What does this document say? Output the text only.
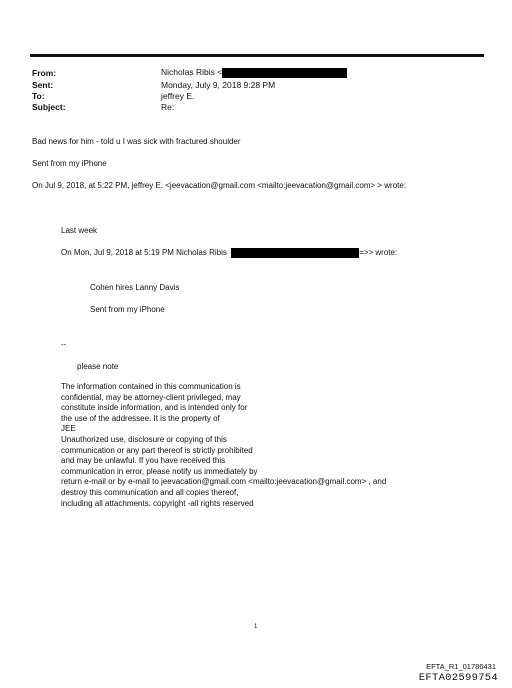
From:	Nicholas Ribis <
Sent:	Monday, July 9, 2018 9:28 PM
To:	jeffrey E.
Subject:	Re:
Bad news for him - told u I was sick with fractured shoulder
Sent from my iPhone
On Jul 9, 2018, at 5:22 PM, jeffrey E. <jeevacation@gmail.com <mailto:jeevacation@gmail.com> > wrote:
Last week
On Mon, Jul 9, 2018 at 5:19 PM Nicholas Ribis	=>> wrote:
Cohen hires Lanny Davis
Sent from my iPhone
--
please note
The information contained in this communication is
confidential, may be attorney-client privileged, may
constitute inside information, and is intended only for
the use of the addressee. It is the property of
JEE
Unauthorized use, disclosure or copying of this
communication or any part thereof is strictly prohibited
and may be unlawful. If you have received this
communication in error, please notify us immediately by
return e-mail or by e-mail to jeevacation@gmail.com <mailto:jeevacation@gmail.com> , and
destroy this communication and all copies thereof,
including all attachments. copyright -all rights reserved
1
EFTA_R1_01786431
EFTA02599754
